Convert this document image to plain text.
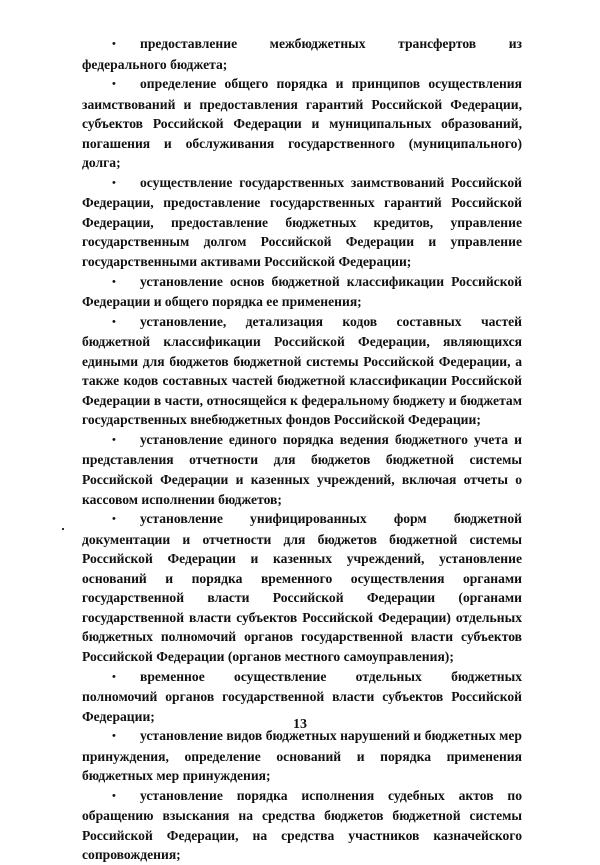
• предоставление межбюджетных трансфертов из федерального бюджета;

• определение общего порядка и принципов осуществления заимствований и предоставления гарантий Российской Федерации, субъектов Российской Федерации и муниципальных образований, погашения и обслуживания государственного (муниципального) долга;

• осуществление государственных заимствований Российской Федерации, предоставление государственных гарантий Российской Федерации, предоставление бюджетных кредитов, управление государственным долгом Российской Федерации и управление государственными активами Российской Федерации;

• установление основ бюджетной классификации Российской Федерации и общего порядка ее применения;

• установление, детализация кодов составных частей бюджетной классификации Российской Федерации, являющихся едиными для бюджетов бюджетной системы Российской Федерации, а также кодов составных частей бюджетной классификации Российской Федерации в части, относящейся к федеральному бюджету и бюджетам государственных внебюджетных фондов Российской Федерации;

• установление единого порядка ведения бюджетного учета и представления отчетности для бюджетов бюджетной системы Российской Федерации и казенных учреждений, включая отчеты о кассовом исполнении бюджетов;

• установление унифицированных форм бюджетной документации и отчетности для бюджетов бюджетной системы Российской Федерации и казенных учреждений, установление оснований и порядка временного осуществления органами государственной власти Российской Федерации (органами государственной власти субъектов Российской Федерации) отдельных бюджетных полномочий органов государственной власти субъектов Российской Федерации (органов местного самоуправления);

• временное осуществление отдельных бюджетных полномочий органов государственной власти субъектов Российской Федерации;

• установление видов бюджетных нарушений и бюджетных мер принуждения, определение оснований и порядка применения бюджетных мер принуждения;

• установление порядка исполнения судебных актов по обращению взыскания на средства бюджетов бюджетной системы Российской Федерации, на средства участников казначейского сопровождения;

13
